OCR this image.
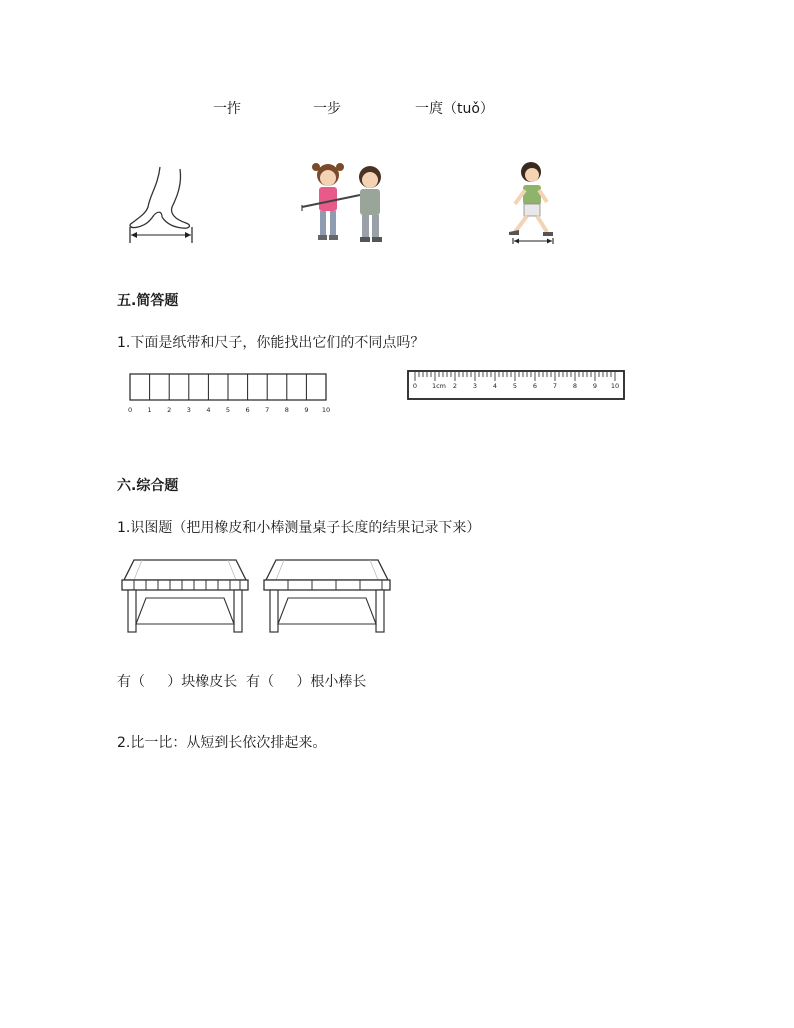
一拃	一步	一庹（tuǒ）
五.简答题
1.下面是纸带和尺子，你能找出它们的不同点吗？
0 1 2 3 4 5 6 7 8 9 10
0 1cm 2 3 4 5 6 7 8 9 10
六.综合题
1.识图题（把用橡皮和小棒测量桌子长度的结果记录下来）
有（     ）块橡皮长  有（     ）根小棒长
2.比一比：从短到长依次排起来。
